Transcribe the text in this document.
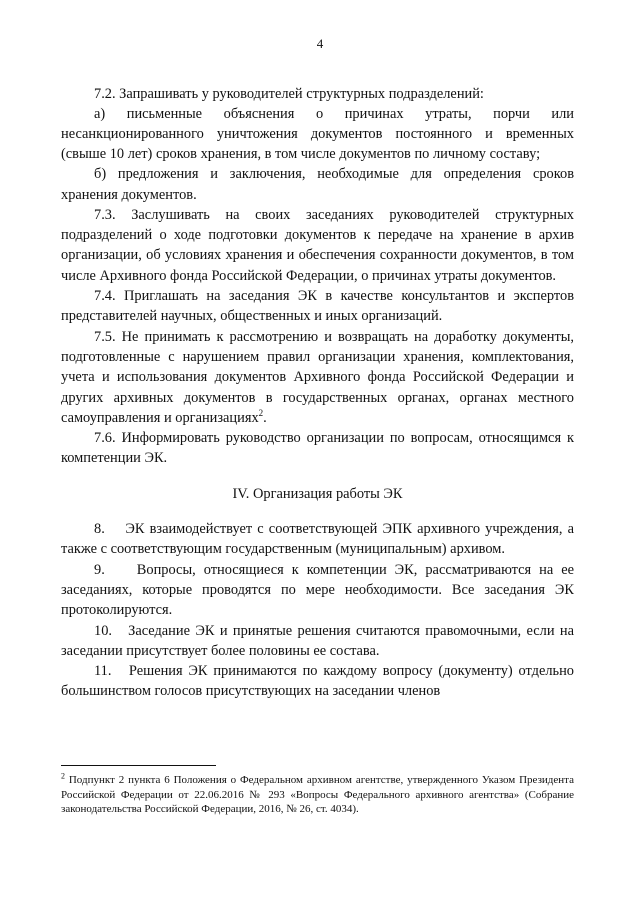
4

7.2. Запрашивать у руководителей структурных подразделений:

а) письменные объяснения о причинах утраты, порчи или несанкционированного уничтожения документов постоянного и временных (свыше 10 лет) сроков хранения, в том числе документов по личному составу;

б) предложения и заключения, необходимые для определения сроков хранения документов.

7.3. Заслушивать на своих заседаниях руководителей структурных подразделений о ходе подготовки документов к передаче на хранение в архив организации, об условиях хранения и обеспечения сохранности документов, в том числе Архивного фонда Российской Федерации, о причинах утраты документов.

7.4. Приглашать на заседания ЭК в качестве консультантов и экспертов представителей научных, общественных и иных организаций.

7.5. Не принимать к рассмотрению и возвращать на доработку документы, подготовленные с нарушением правил организации хранения, комплектования, учета и использования документов Архивного фонда Российской Федерации и других архивных документов в государственных органах, органах местного самоуправления и организациях$^2$.

7.6. Информировать руководство организации по вопросам, относящимся к компетенции ЭК.

IV. Организация работы ЭК

8.    ЭК взаимодействует с соответствующей ЭПК архивного учреждения, а также с соответствующим государственным (муниципальным) архивом.

9.    Вопросы, относящиеся к компетенции ЭК, рассматриваются на ее заседаниях, которые проводятся по мере необходимости. Все заседания ЭК протоколируются.

10.   Заседание ЭК и принятые решения считаются правомочными, если на заседании присутствует более половины ее состава.

11.   Решения ЭК принимаются по каждому вопросу (документу) отдельно большинством голосов присутствующих на заседании членов

$^2$ Подпункт 2 пункта 6 Положения о Федеральном архивном агентстве, утвержденного Указом Президента Российской Федерации от 22.06.2016 № 293 «Вопросы Федерального архивного агентства» (Собрание законодательства Российской Федерации, 2016, № 26, ст. 4034).
